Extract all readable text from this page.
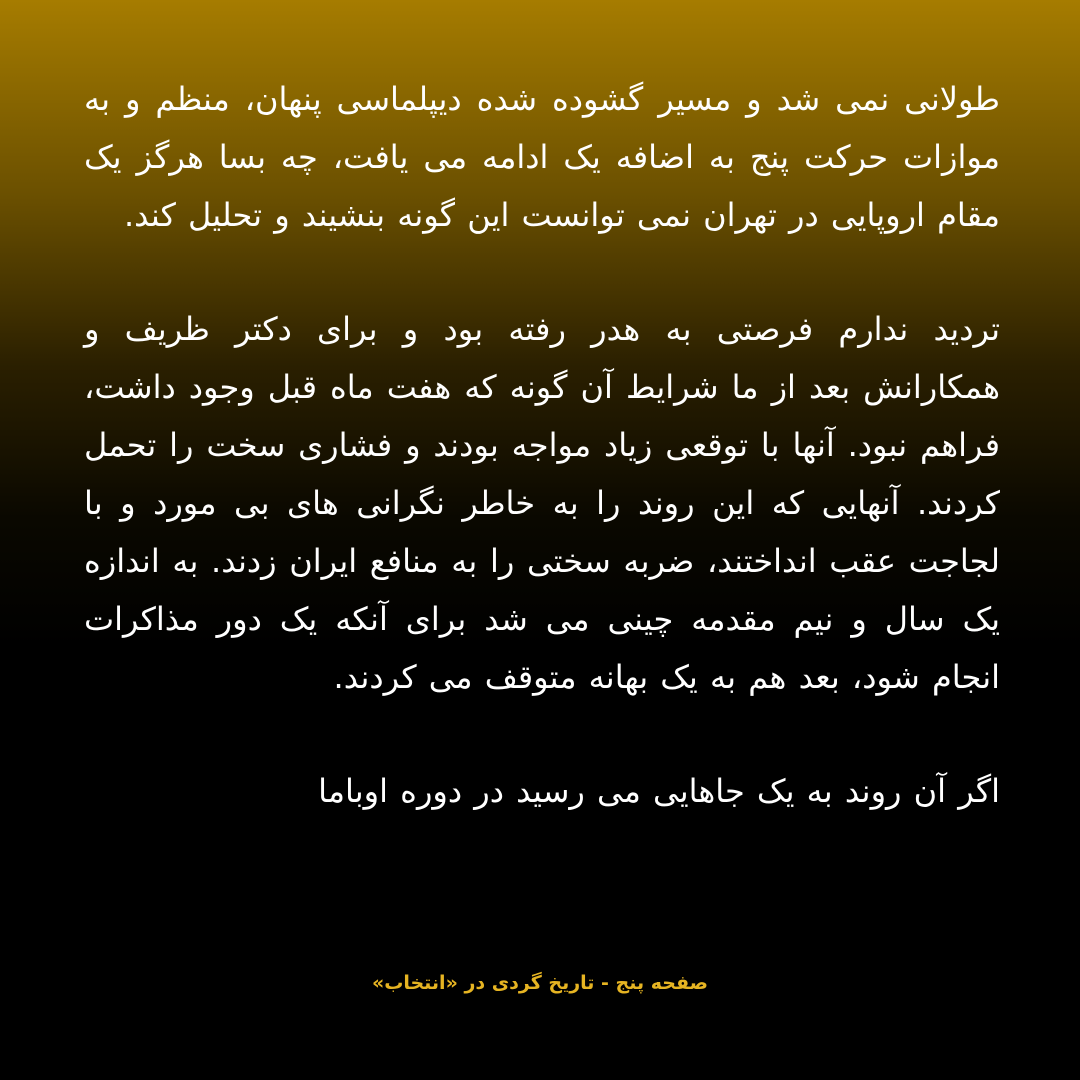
طولانی نمی شد و مسیر گشوده شده دیپلماسی پنهان، منظم و به موازات حرکت پنج به اضافه یک ادامه می یافت، چه بسا هرگز یک مقام اروپایی در تهران نمی توانست این گونه بنشیند و تحلیل کند.

تردید ندارم فرصتی به هدر رفته بود و برای دکتر ظریف و همکارانش بعد از ما شرایط آن گونه که هفت ماه قبل وجود داشت، فراهم نبود. آنها با توقعی زیاد مواجه بودند و فشاری سخت را تحمل کردند. آنهایی که این روند را به خاطر نگرانی های بی مورد و با لجاجت عقب انداختند، ضربه سختی را به منافع ایران زدند. به اندازه یک سال و نیم مقدمه چینی می شد برای آنکه یک دور مذاکرات انجام شود، بعد هم به یک بهانه متوقف می کردند.

اگر آن روند به یک جاهایی می رسید در دوره اوباما

صفحه پنج - تاریخ گردی در «انتخاب»
